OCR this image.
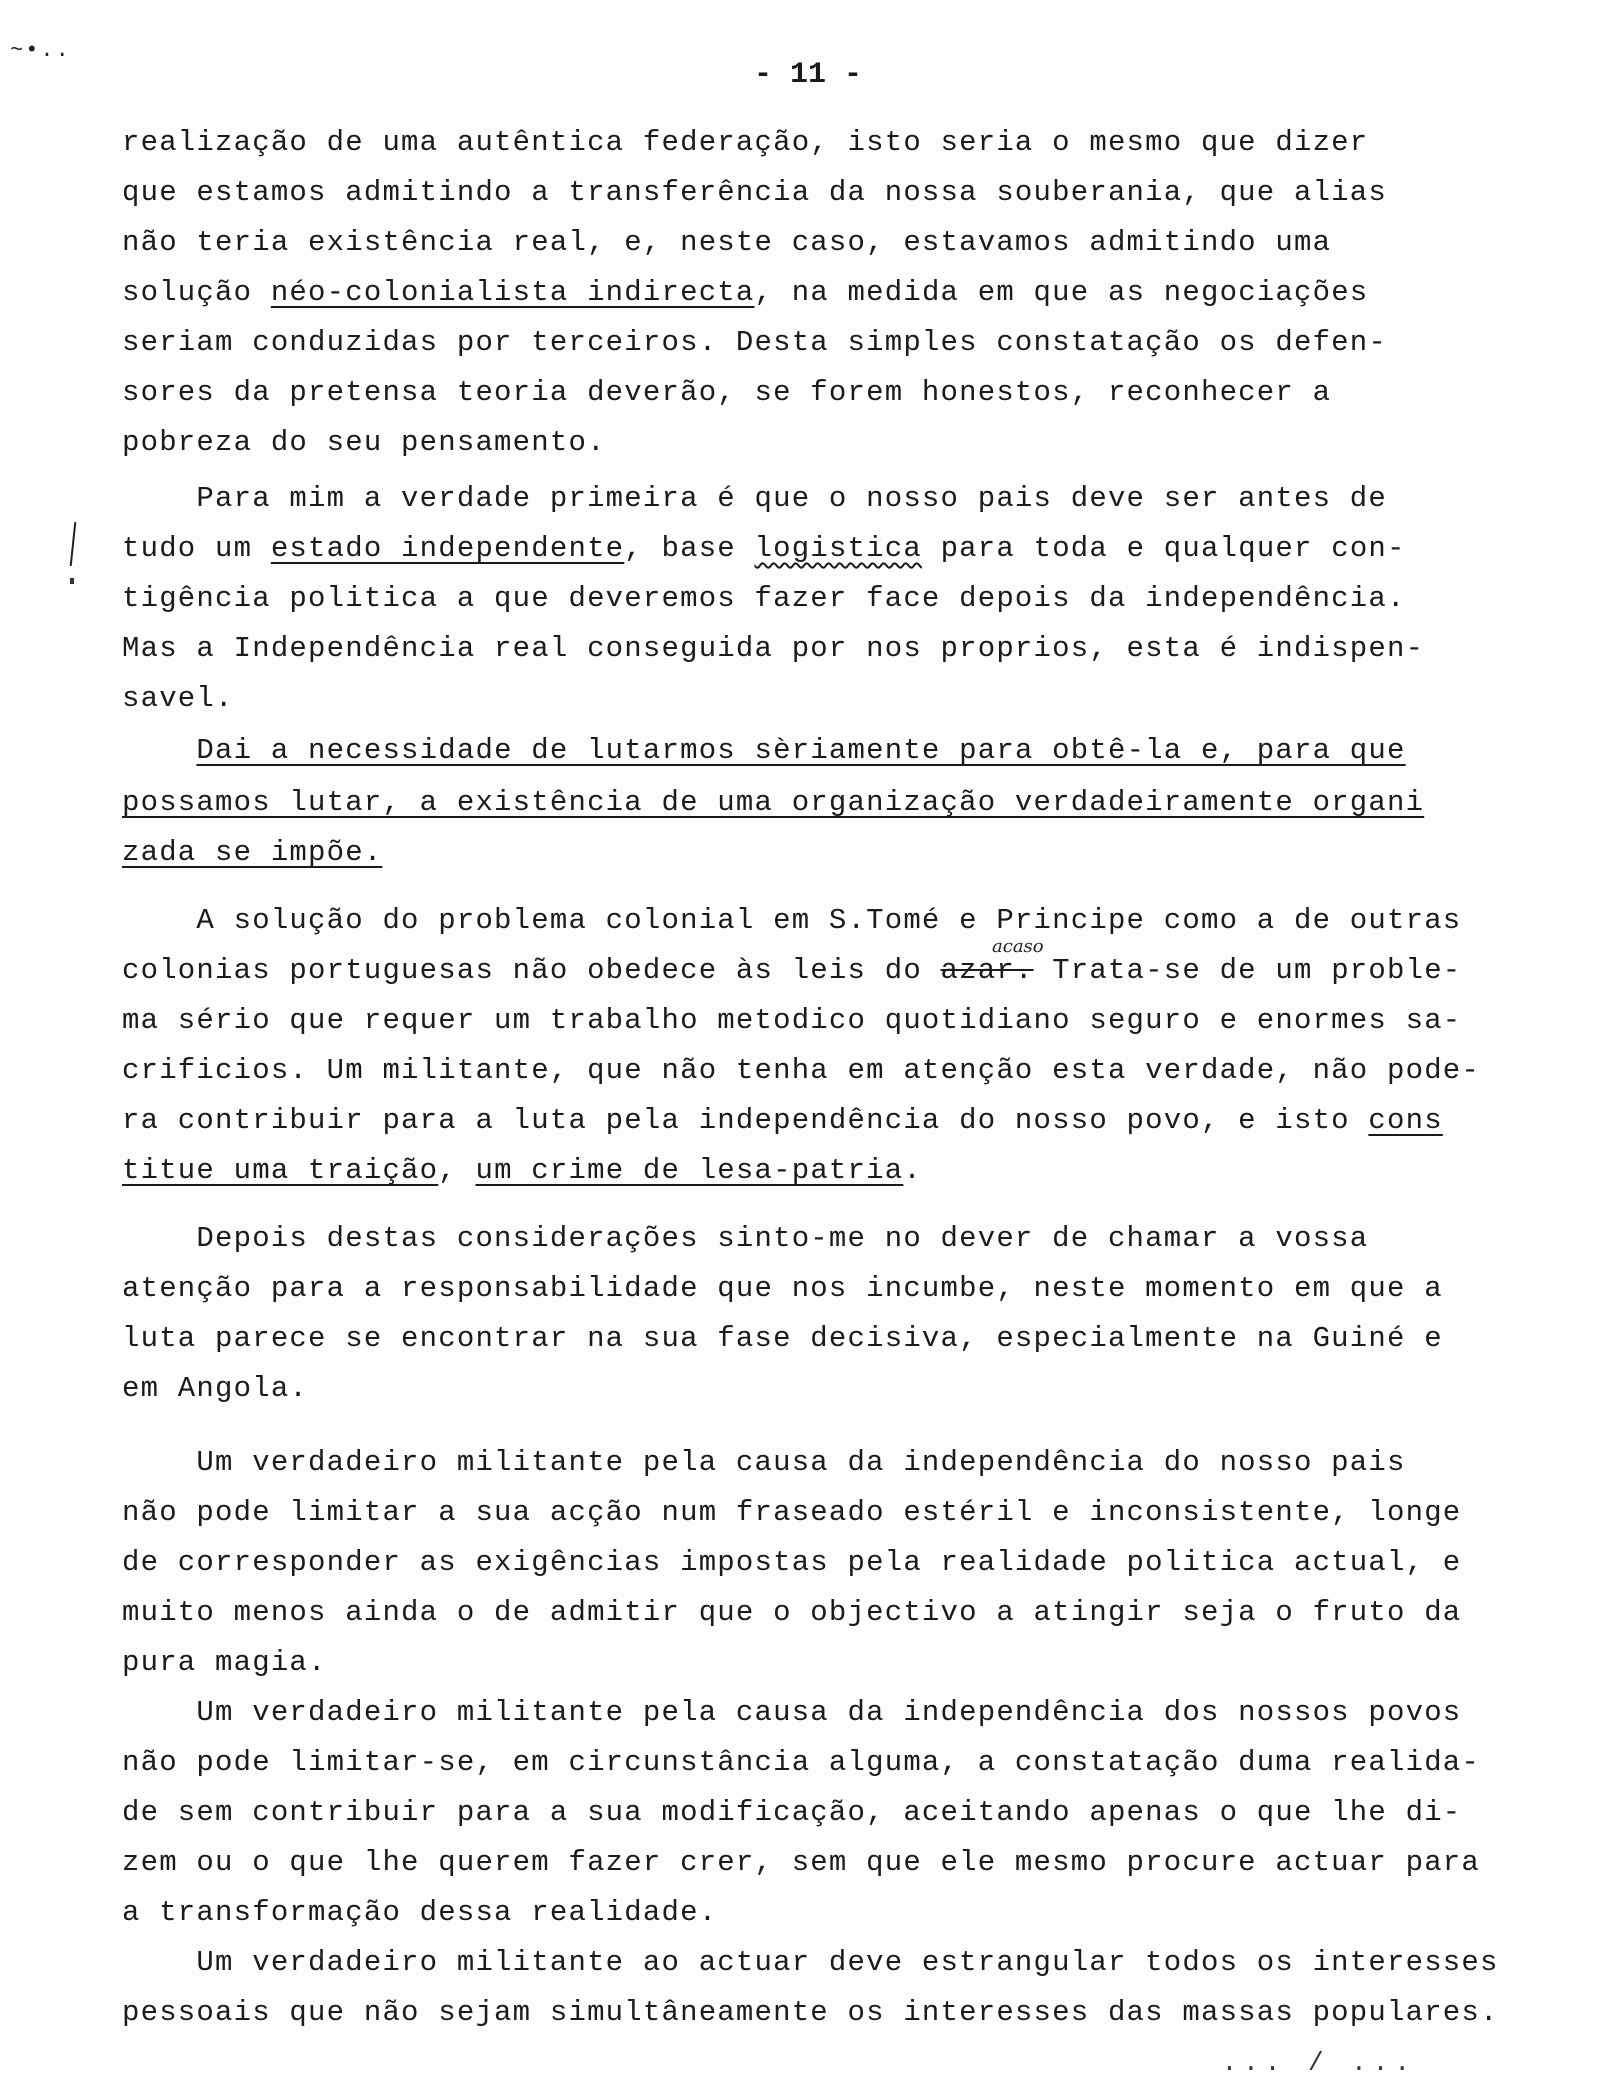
~•..
- 11 -
realização de uma autêntica federação, isto seria o mesmo que dizer
que estamos admitindo a transferência da nossa souberania, que alias
não teria existência real, e, neste caso, estavamos admitindo uma
solução néo-colonialista indirecta, na medida em que as negociações
seriam conduzidas por terceiros. Desta simples constatação os defen-
sores da pretensa teoria deverão, se forem honestos, reconhecer a
pobreza do seu pensamento.
Para mim a verdade primeira é que o nosso pais deve ser antes de
tudo um estado independente, base logistica para toda e qualquer con-
tigência politica a que deveremos fazer face depois da independência.
Mas a Independência real conseguida por nos proprios, esta é indispen-
savel.
Dai a necessidade de lutarmos sèriamente para obtê-la e, para que
possamos lutar, a existência de uma organização verdadeiramente organi
zada se impõe.
A solução do problema colonial em S.Tomé e Principe como a de outras
acaso
colonias portuguesas não obedece às leis do azar. Trata-se de um proble-
ma sério que requer um trabalho metodico quotidiano seguro e enormes sa-
crificios. Um militante, que não tenha em atenção esta verdade, não pode-
ra contribuir para a luta pela independência do nosso povo, e isto cons
titue uma traição, um crime de lesa-patria.
Depois destas considerações sinto-me no dever de chamar a vossa
atenção para a responsabilidade que nos incumbe, neste momento em que a
luta parece se encontrar na sua fase decisiva, especialmente na Guiné e
em Angola.
Um verdadeiro militante pela causa da independência do nosso pais
não pode limitar a sua acção num fraseado estéril e inconsistente, longe
de corresponder as exigências impostas pela realidade politica actual, e
muito menos ainda o de admitir que o objectivo a atingir seja o fruto da
pura magia.
Um verdadeiro militante pela causa da independência dos nossos povos
não pode limitar-se, em circunstância alguma, a constatação duma realida-
de sem contribuir para a sua modificação, aceitando apenas o que lhe di-
zem ou o que lhe querem fazer crer, sem que ele mesmo procure actuar para
a transformação dessa realidade.
Um verdadeiro militante ao actuar deve estrangular todos os interesses
pessoais que não sejam simultâneamente os interesses das massas populares.
... / ...
